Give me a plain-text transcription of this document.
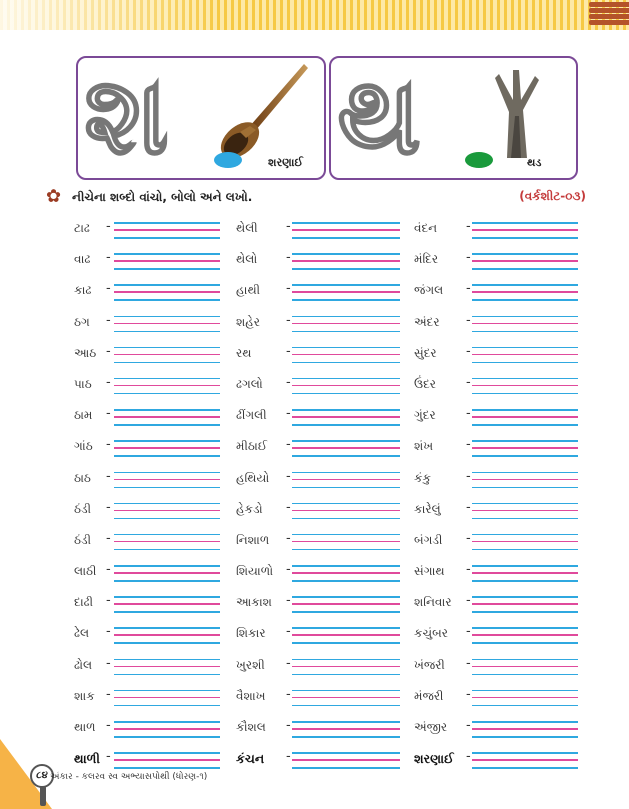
શ	શરણાઈ થ	થડ
✿ નીચેના શબ્દો વાંચો, બોલો અને લખો.	(વર્કશીટ-૦૩)
ટાઢ -	થેલી -	વંદન -
વાઢ -	થેલો -	મંદિર -
કાઢ -	હાથી -	જંગલ -
ઠગ -	શહેર -	અંદર -
આઠ -	રથ	-	સુંદર -
પાઠ -	ઢગલો -	ઉંદર -
ઠામ -	ઢીંગલી -	ગુંદર -
ગાંઠ -	મીઠાઈ -	શંખ	-
ઠાઠ -	હથિયો -	કંકુ	-
ઠંડી -	હેકડો -	કારેલું -
ઠંડી -	નિશાળ -	બંગડી -
લાઠી -	શિયાળો -	સંગાથ -
દાઢી -	આકાશ -	શનિવાર -
ઢેલ -	શિકાર -	કચુંબર -
ઢોલ -	ખુરશી -	ખંજરી -
શાક -	વૈશાખ -	મંજરી -
થાળ -	કૌશલ -	અંજીર -
થાળી -	કંચન -	શરણાઈ -
૮૪ અંકાર - કલરવ સ્વ અભ્યાસપોથી (ધોરણ-૧)
